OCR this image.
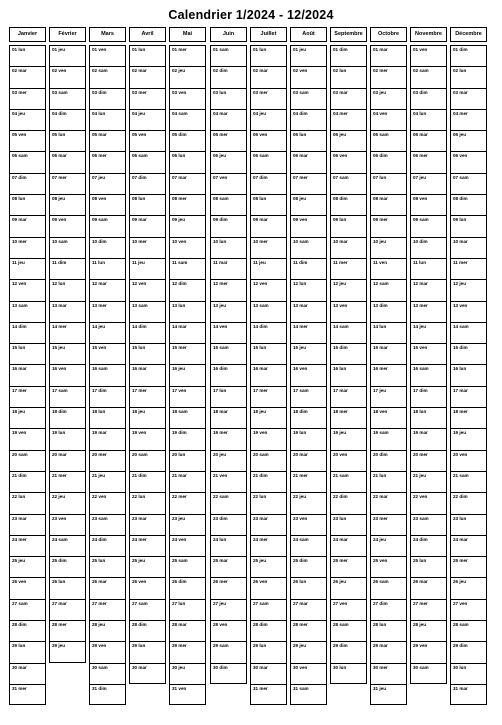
Calendrier 1/2024 - 12/2024
Janvier
01 lun
02 mar
03 mer
04 jeu
05 ven
06 sam
07 dim
08 lun
09 mar
10 mer
11 jeu
12 ven
13 sam
14 dim
15 lun
16 mar
17 mer
18 jeu
19 ven
20 sam
21 dim
22 lun
23 mar
24 mer
25 jeu
26 ven
27 sam
28 dim
29 lun
30 mar
31 mer
Février
01 jeu
02 ven
03 sam
04 dim
05 lun
06 mar
07 mer
08 jeu
09 ven
10 sam
11 dim
12 lun
13 mar
14 mer
15 jeu
16 ven
17 sam
18 dim
19 lun
20 mar
21 mer
22 jeu
23 ven
24 sam
25 dim
26 lun
27 mar
28 mer
29 jeu
Mars
01 ven
02 sam
03 dim
04 lun
05 mar
06 mer
07 jeu
08 ven
09 sam
10 dim
11 lun
12 mar
13 mer
14 jeu
15 ven
16 sam
17 dim
18 lun
19 mar
20 mer
21 jeu
22 ven
23 sam
24 dim
25 lun
26 mar
27 mer
28 jeu
29 ven
30 sam
31 dim
Avril
01 lun
02 mar
03 mer
04 jeu
05 ven
06 sam
07 dim
08 lun
09 mar
10 mer
11 jeu
12 ven
13 sam
14 dim
15 lun
16 mar
17 mer
18 jeu
19 ven
20 sam
21 dim
22 lun
23 mar
24 mer
25 jeu
26 ven
27 sam
28 dim
29 lun
30 mar
Mai
01 mer
02 jeu
03 ven
04 sam
05 dim
06 lun
07 mar
08 mer
09 jeu
10 ven
11 sam
12 dim
13 lun
14 mar
15 mer
16 jeu
17 ven
18 sam
19 dim
20 lun
21 mar
22 mer
23 jeu
24 ven
25 sam
26 dim
27 lun
28 mar
29 mer
30 jeu
31 ven
Juin
01 sam
02 dim
03 lun
04 mar
05 mer
06 jeu
07 ven
08 sam
09 dim
10 lun
11 mar
12 mer
13 jeu
14 ven
15 sam
16 dim
17 lun
18 mar
19 mer
20 jeu
21 ven
22 sam
23 dim
24 lun
25 mar
26 mer
27 jeu
28 ven
29 sam
30 dim
Juillet
01 lun
02 mar
03 mer
04 jeu
05 ven
06 sam
07 dim
08 lun
09 mar
10 mer
11 jeu
12 ven
13 sam
14 dim
15 lun
16 mar
17 mer
18 jeu
19 ven
20 sam
21 dim
22 lun
23 mar
24 mer
25 jeu
26 ven
27 sam
28 dim
29 lun
30 mar
31 mer
Août
01 jeu
02 ven
03 sam
04 dim
05 lun
06 mar
07 mer
08 jeu
09 ven
10 sam
11 dim
12 lun
13 mar
14 mer
15 jeu
16 ven
17 sam
18 dim
19 lun
20 mar
21 mer
22 jeu
23 ven
24 sam
25 dim
26 lun
27 mar
28 mer
29 jeu
30 ven
31 sam
Septembre
01 dim
02 lun
03 mar
04 mer
05 jeu
06 ven
07 sam
08 dim
09 lun
10 mar
11 mer
12 jeu
13 ven
14 sam
15 dim
16 lun
17 mar
18 mer
19 jeu
20 ven
21 sam
22 dim
23 lun
24 mar
25 mer
26 jeu
27 ven
28 sam
29 dim
30 lun
Octobre
01 mar
02 mer
03 jeu
04 ven
05 sam
06 dim
07 lun
08 mar
09 mer
10 jeu
11 ven
12 sam
13 dim
14 lun
15 mar
16 mer
17 jeu
18 ven
19 sam
20 dim
21 lun
22 mar
23 mer
24 jeu
25 ven
26 sam
27 dim
28 lun
29 mar
30 mer
31 jeu
Novembre
01 ven
02 sam
03 dim
04 lun
05 mar
06 mer
07 jeu
08 ven
09 sam
10 dim
11 lun
12 mar
13 mer
14 jeu
15 ven
16 sam
17 dim
18 lun
19 mar
20 mer
21 jeu
22 ven
23 sam
24 dim
25 lun
26 mar
27 mer
28 jeu
29 ven
30 sam
Décembre
01 dim
02 lun
03 mar
04 mer
05 jeu
06 ven
07 sam
08 dim
09 lun
10 mar
11 mer
12 jeu
13 ven
14 sam
15 dim
16 lun
17 mar
18 mer
19 jeu
20 ven
21 sam
22 dim
23 lun
24 mar
25 mer
26 jeu
27 ven
28 sam
29 dim
30 lun
31 mar
